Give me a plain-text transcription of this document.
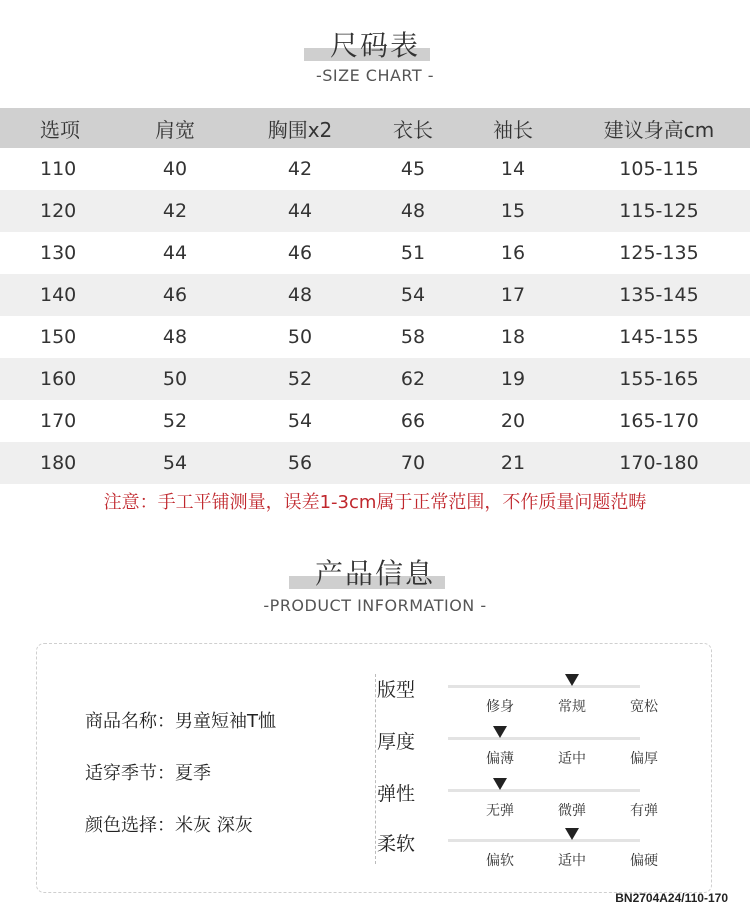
尺码表
-SIZE CHART -
选项	肩宽	胸围x2	衣长	袖长	建议身高cm
110	40	42	45	14	105-115
120	42	44	48	15	115-125
130	44	46	51	16	125-135
140	46	48	54	17	135-145
150	48	50	58	18	145-155
160	50	52	62	19	155-165
170	52	54	66	20	165-170
180	54	56	70	21	170-180
注意：手工平铺测量，误差1-3cm属于正常范围，不作质量问题范畴
产品信息
-PRODUCT INFORMATION -
商品名称：男童短袖T恤
适穿季节：夏季
颜色选择：米灰 深灰
版型
修身	常规	宽松
厚度
偏薄	适中	偏厚
弹性
无弹	微弹	有弹
柔软
偏软	适中	偏硬
BN2704A24/110-170
